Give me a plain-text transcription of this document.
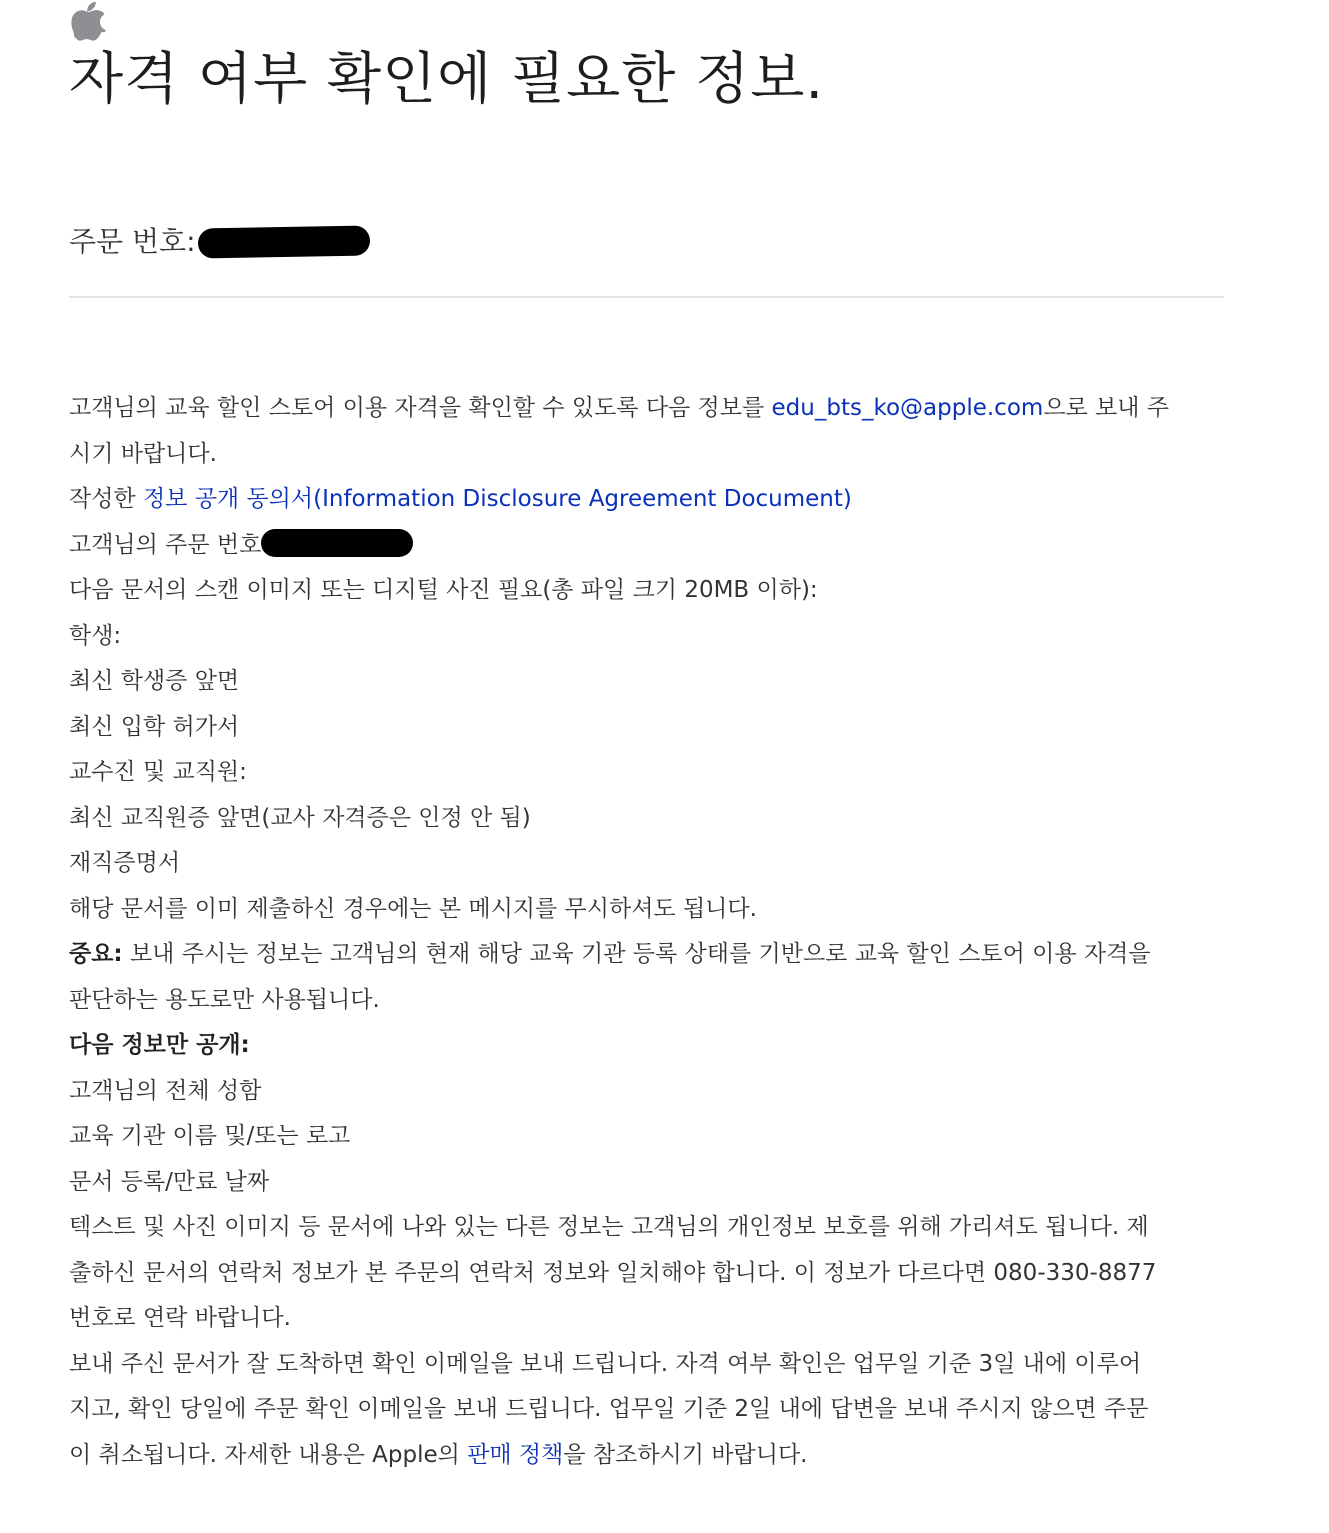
자격 여부 확인에 필요한 정보.
주문 번호:
고객님의 교육 할인 스토어 이용 자격을 확인할 수 있도록 다음 정보를 edu_bts_ko@apple.com으로 보내 주
시기 바랍니다.
작성한 정보 공개 동의서(Information Disclosure Agreement Document)
고객님의 주문 번호
다음 문서의 스캔 이미지 또는 디지털 사진 필요(총 파일 크기 20MB 이하):
학생:
최신 학생증 앞면
최신 입학 허가서
교수진 및 교직원:
최신 교직원증 앞면(교사 자격증은 인정 안 됨)
재직증명서
해당 문서를 이미 제출하신 경우에는 본 메시지를 무시하셔도 됩니다.
중요: 보내 주시는 정보는 고객님의 현재 해당 교육 기관 등록 상태를 기반으로 교육 할인 스토어 이용 자격을
판단하는 용도로만 사용됩니다.
다음 정보만 공개:
고객님의 전체 성함
교육 기관 이름 및/또는 로고
문서 등록/만료 날짜
텍스트 및 사진 이미지 등 문서에 나와 있는 다른 정보는 고객님의 개인정보 보호를 위해 가리셔도 됩니다. 제
출하신 문서의 연락처 정보가 본 주문의 연락처 정보와 일치해야 합니다. 이 정보가 다르다면 080-330-8877
번호로 연락 바랍니다.
보내 주신 문서가 잘 도착하면 확인 이메일을 보내 드립니다. 자격 여부 확인은 업무일 기준 3일 내에 이루어
지고, 확인 당일에 주문 확인 이메일을 보내 드립니다. 업무일 기준 2일 내에 답변을 보내 주시지 않으면 주문
이 취소됩니다. 자세한 내용은 Apple의 판매 정책을 참조하시기 바랍니다.
